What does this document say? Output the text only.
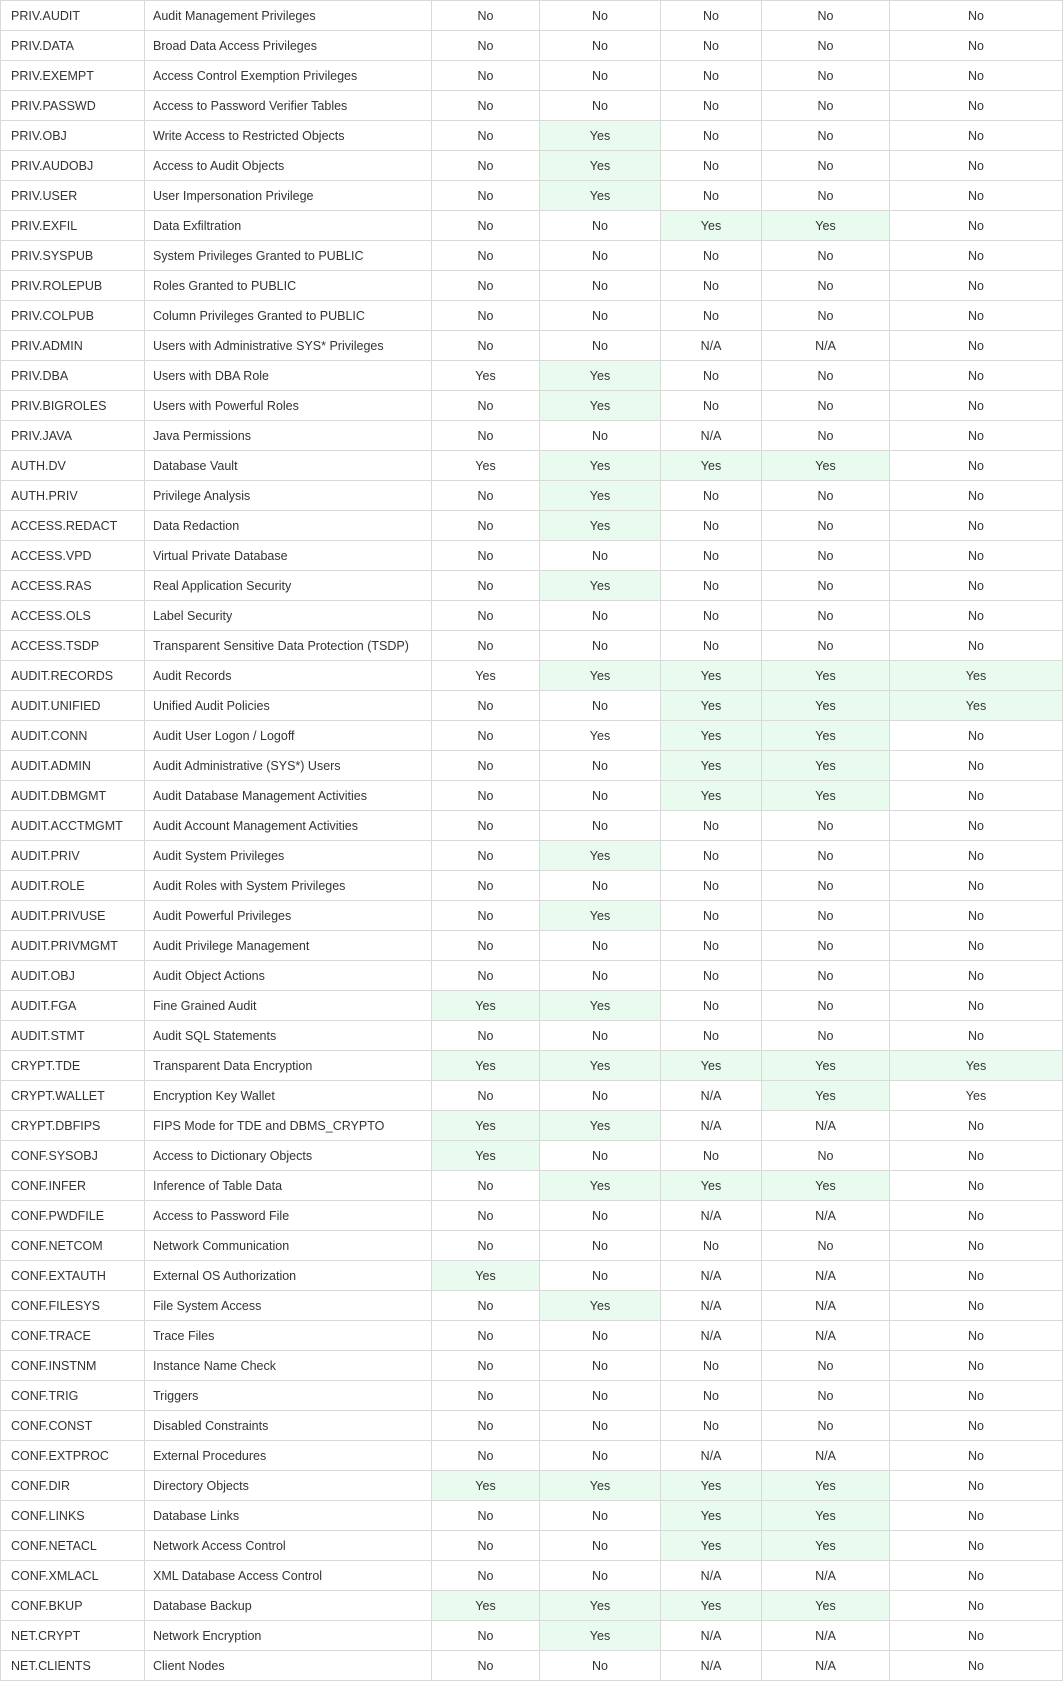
PRIV.AUDIT	Audit Management Privileges	No	No	No	No	No
PRIV.DATA	Broad Data Access Privileges	No	No	No	No	No
PRIV.EXEMPT	Access Control Exemption Privileges	No	No	No	No	No
PRIV.PASSWD	Access to Password Verifier Tables	No	No	No	No	No
PRIV.OBJ	Write Access to Restricted Objects	No	Yes	No	No	No
PRIV.AUDOBJ	Access to Audit Objects	No	Yes	No	No	No
PRIV.USER	User Impersonation Privilege	No	Yes	No	No	No
PRIV.EXFIL	Data Exfiltration	No	No	Yes	Yes	No
PRIV.SYSPUB	System Privileges Granted to PUBLIC	No	No	No	No	No
PRIV.ROLEPUB	Roles Granted to PUBLIC	No	No	No	No	No
PRIV.COLPUB	Column Privileges Granted to PUBLIC	No	No	No	No	No
PRIV.ADMIN	Users with Administrative SYS* Privileges	No	No	N/A	N/A	No
PRIV.DBA	Users with DBA Role	Yes	Yes	No	No	No
PRIV.BIGROLES	Users with Powerful Roles	No	Yes	No	No	No
PRIV.JAVA	Java Permissions	No	No	N/A	No	No
AUTH.DV	Database Vault	Yes	Yes	Yes	Yes	No
AUTH.PRIV	Privilege Analysis	No	Yes	No	No	No
ACCESS.REDACT	Data Redaction	No	Yes	No	No	No
ACCESS.VPD	Virtual Private Database	No	No	No	No	No
ACCESS.RAS	Real Application Security	No	Yes	No	No	No
ACCESS.OLS	Label Security	No	No	No	No	No
ACCESS.TSDP	Transparent Sensitive Data Protection (TSDP)	No	No	No	No	No
AUDIT.RECORDS	Audit Records	Yes	Yes	Yes	Yes	Yes
AUDIT.UNIFIED	Unified Audit Policies	No	No	Yes	Yes	Yes
AUDIT.CONN	Audit User Logon / Logoff	No	Yes	Yes	Yes	No
AUDIT.ADMIN	Audit Administrative (SYS*) Users	No	No	Yes	Yes	No
AUDIT.DBMGMT	Audit Database Management Activities	No	No	Yes	Yes	No
AUDIT.ACCTMGMT	Audit Account Management Activities	No	No	No	No	No
AUDIT.PRIV	Audit System Privileges	No	Yes	No	No	No
AUDIT.ROLE	Audit Roles with System Privileges	No	No	No	No	No
AUDIT.PRIVUSE	Audit Powerful Privileges	No	Yes	No	No	No
AUDIT.PRIVMGMT	Audit Privilege Management	No	No	No	No	No
AUDIT.OBJ	Audit Object Actions	No	No	No	No	No
AUDIT.FGA	Fine Grained Audit	Yes	Yes	No	No	No
AUDIT.STMT	Audit SQL Statements	No	No	No	No	No
CRYPT.TDE	Transparent Data Encryption	Yes	Yes	Yes	Yes	Yes
CRYPT.WALLET	Encryption Key Wallet	No	No	N/A	Yes	Yes
CRYPT.DBFIPS	FIPS Mode for TDE and DBMS_CRYPTO	Yes	Yes	N/A	N/A	No
CONF.SYSOBJ	Access to Dictionary Objects	Yes	No	No	No	No
CONF.INFER	Inference of Table Data	No	Yes	Yes	Yes	No
CONF.PWDFILE	Access to Password File	No	No	N/A	N/A	No
CONF.NETCOM	Network Communication	No	No	No	No	No
CONF.EXTAUTH	External OS Authorization	Yes	No	N/A	N/A	No
CONF.FILESYS	File System Access	No	Yes	N/A	N/A	No
CONF.TRACE	Trace Files	No	No	N/A	N/A	No
CONF.INSTNM	Instance Name Check	No	No	No	No	No
CONF.TRIG	Triggers	No	No	No	No	No
CONF.CONST	Disabled Constraints	No	No	No	No	No
CONF.EXTPROC	External Procedures	No	No	N/A	N/A	No
CONF.DIR	Directory Objects	Yes	Yes	Yes	Yes	No
CONF.LINKS	Database Links	No	No	Yes	Yes	No
CONF.NETACL	Network Access Control	No	No	Yes	Yes	No
CONF.XMLACL	XML Database Access Control	No	No	N/A	N/A	No
CONF.BKUP	Database Backup	Yes	Yes	Yes	Yes	No
NET.CRYPT	Network Encryption	No	Yes	N/A	N/A	No
NET.CLIENTS	Client Nodes	No	No	N/A	N/A	No
